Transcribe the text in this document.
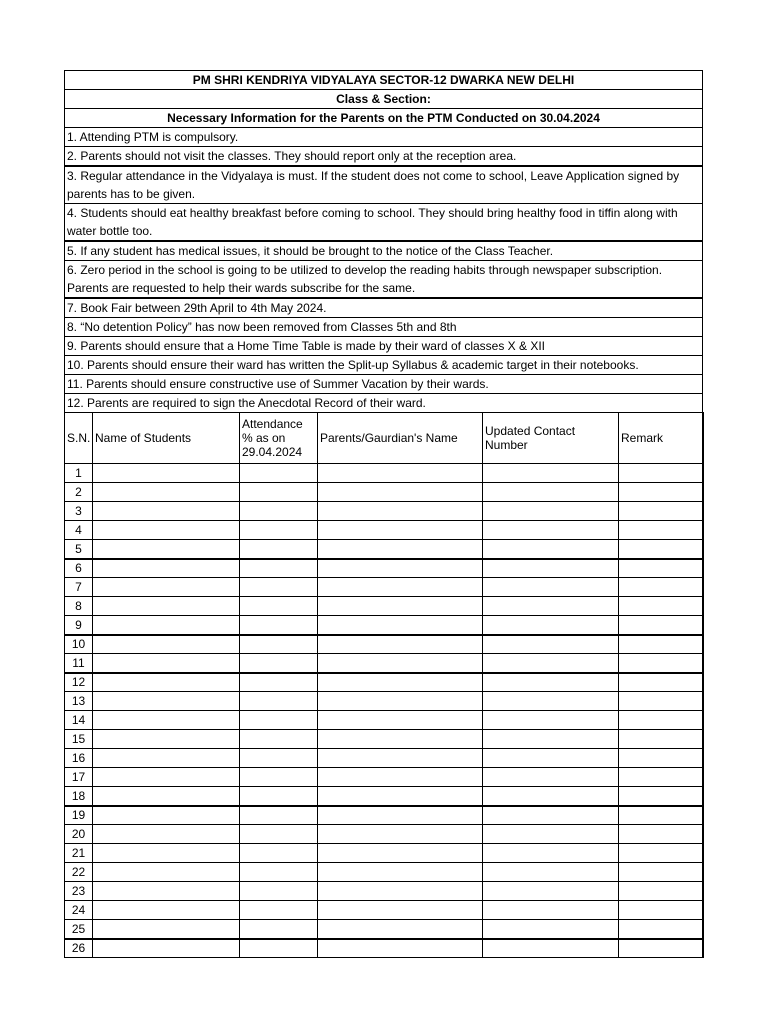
PM SHRI KENDRIYA VIDYALAYA SECTOR-12 DWARKA NEW DELHI
Class & Section:
Necessary Information for the Parents on the PTM Conducted on 30.04.2024
1. Attending PTM is compulsory.
2. Parents should not visit the classes. They should report only at the reception area.
3. Regular attendance in the Vidyalaya is must. If the student does not come to school, Leave Application signed by parents has to be given.
4. Students should eat healthy breakfast before coming to school. They should bring healthy food in tiffin along with water bottle too.
5. If any student has medical issues, it should be brought to the notice of the Class Teacher.
6. Zero period in the school is going to be utilized to develop the reading habits through newspaper subscription. Parents are requested to help their wards subscribe for the same.
7. Book Fair between 29th April to 4th May 2024.
8. “No detention Policy” has now been removed from Classes 5th and 8th
9. Parents should ensure that a Home Time Table is made by their ward of classes X & XII
10. Parents should ensure their ward has written the Split-up Syllabus & academic target in their notebooks.
11. Parents should ensure constructive use of Summer Vacation by their wards.
12. Parents are required to sign the Anecdotal Record of their ward.
S.N.	Name of Students	Attendance % as on 29.04.2024	Parents/Gaurdian's Name	Updated Contact Number	Remark
1					
2					
3					
4					
5					
6					
7					
8					
9					
10					
11					
12					
13					
14					
15					
16					
17					
18					
19					
20					
21					
22					
23					
24					
25					
26					
